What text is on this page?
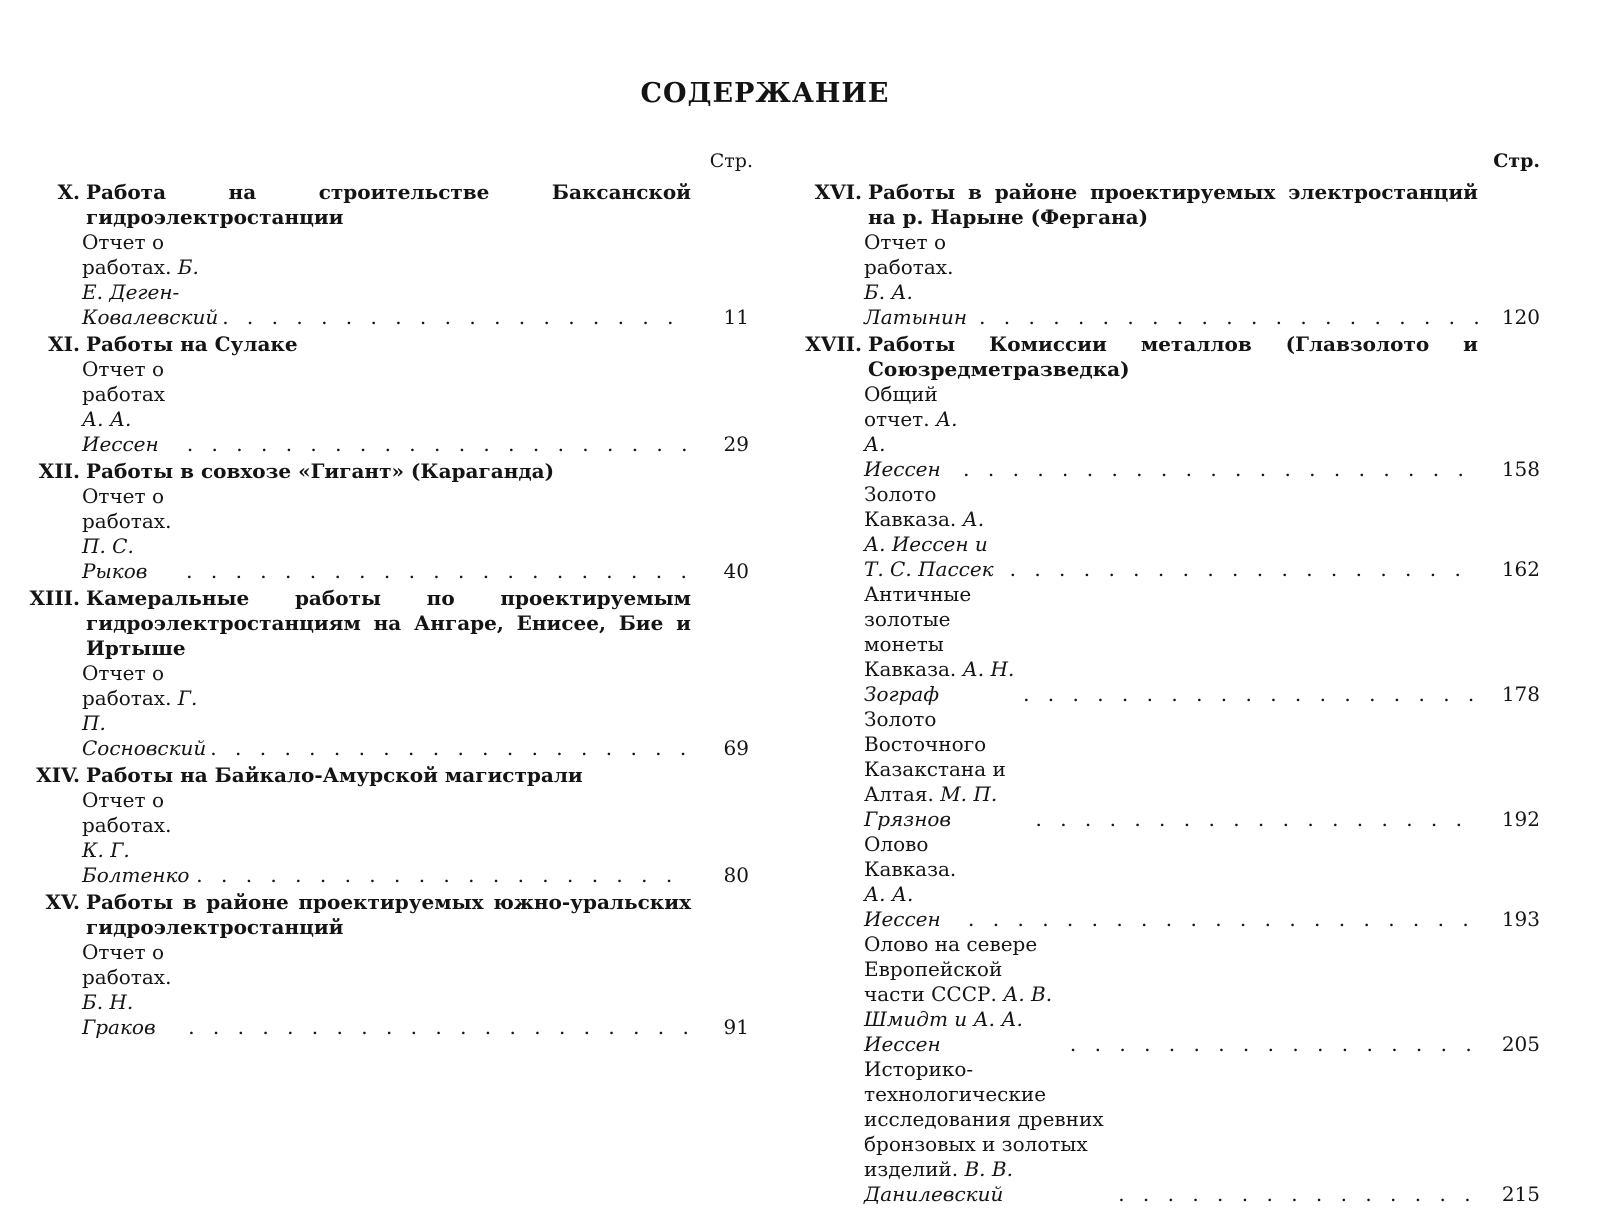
СОДЕРЖАНИЕ
Стр.
X. Работа на строительстве Баксанской гидроэлектростанции
Отчет о работах. Б. Е. Деген-Ковалевский . . .	11
XI. Работы на Сулаке
Отчет о работах А. А. Иессен . . .	29
XII. Работы в совхозе «Гигант» (Караганда)
Отчет о работах. П. С. Рыков . . .	40
XIII. Камеральные работы по проектируемым гидроэлектростанциям на Ангаре, Енисее, Бие и Иртыше
Отчет о работах. Г. П. Сосновский . . .	69
XIV. Работы на Байкало-Амурской магистрали
Отчет о работах. К. Г. Болтенко . . .	80
XV. Работы в районе проектируемых южно-уральских гидроэлектростанций
Отчет о работах. Б. Н. Граков . . .	91
Стр.
XVI. Работы в районе проектируемых электростанций на р. Нарыне (Фергана)
Отчет о работах. Б. А. Латынин . . .	120
XVII. Работы Комиссии металлов (Главзолото и Союзредметразведка)
Общий отчет. А. А. Иессен . . .	158
Золото Кавказа. А. А. Иессен и Т. С. Пассек . . .	162
Античные золотые монеты Кавказа. А. Н. Зограф . . .	178
Золото Восточного Казакстана и Алтая. М. П. Грязнов . . .	192
Олово Кавказа. А. А. Иессен . . .	193
Олово на севере Европейской части СССР. А. В. Шмидт и А. А. Иессен . . .	205
Историко-технологические исследования древних бронзовых и золотых изделий. В. В. Данилевский . . .	215
